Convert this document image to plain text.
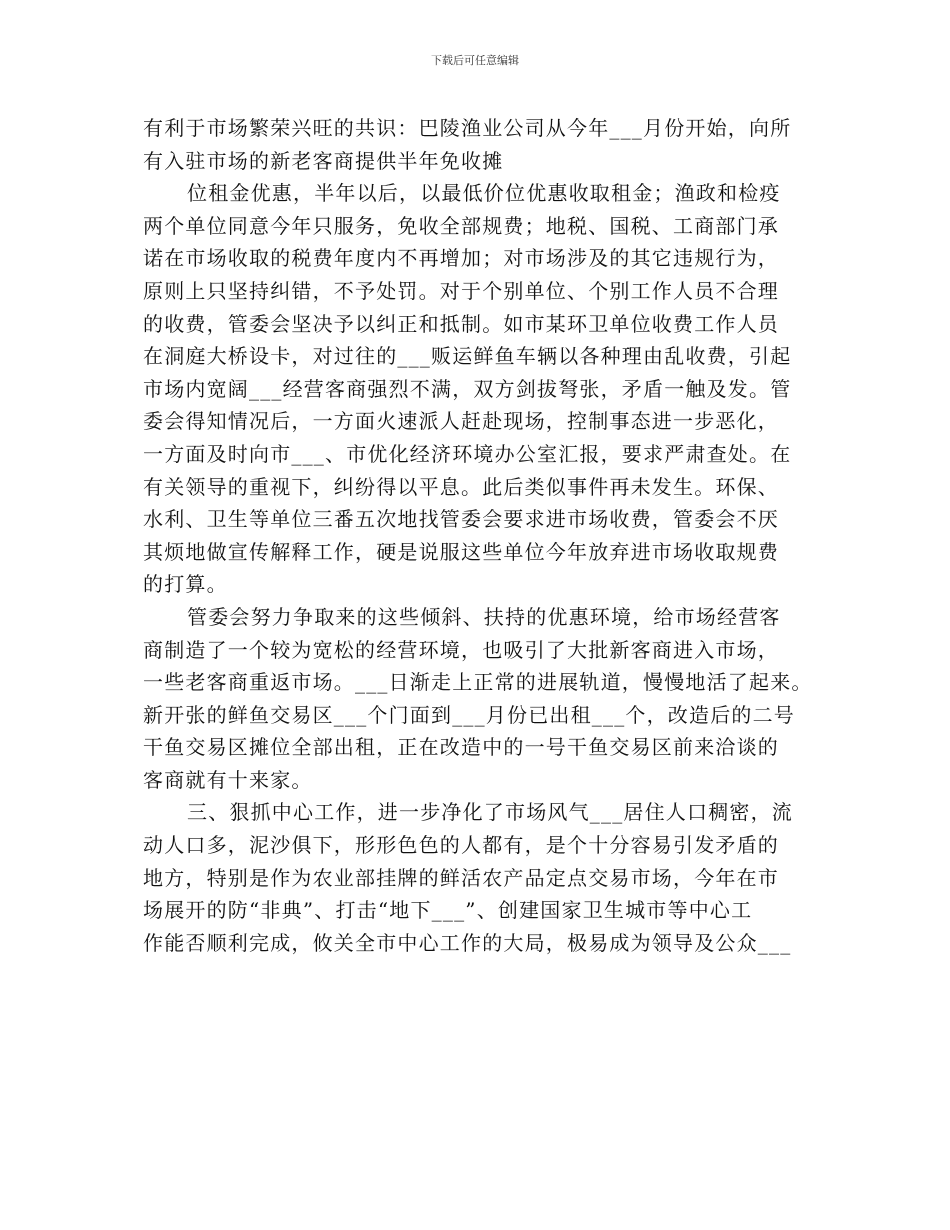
下载后可任意编辑
有利于市场繁荣兴旺的共识：巴陵渔业公司从今年___月份开始，向所
有入驻市场的新老客商提供半年免收摊
位租金优惠，半年以后，以最低价位优惠收取租金；渔政和检疫
两个单位同意今年只服务，免收全部规费；地税、国税、工商部门承
诺在市场收取的税费年度内不再增加；对市场涉及的其它违规行为，
原则上只坚持纠错，不予处罚。对于个别单位、个别工作人员不合理
的收费，管委会坚决予以纠正和抵制。如市某环卫单位收费工作人员
在洞庭大桥设卡，对过往的___贩运鲜鱼车辆以各种理由乱收费，引起
市场内宽阔___经营客商强烈不满，双方剑拔弩张，矛盾一触及发。管
委会得知情况后，一方面火速派人赶赴现场，控制事态进一步恶化，
一方面及时向市___、市优化经济环境办公室汇报，要求严肃查处。在
有关领导的重视下，纠纷得以平息。此后类似事件再未发生。环保、
水利、卫生等单位三番五次地找管委会要求进市场收费，管委会不厌
其烦地做宣传解释工作，硬是说服这些单位今年放弃进市场收取规费
的打算。
管委会努力争取来的这些倾斜、扶持的优惠环境，给市场经营客
商制造了一个较为宽松的经营环境，也吸引了大批新客商进入市场，
一些老客商重返市场。___日渐走上正常的进展轨道，慢慢地活了起来。
新开张的鲜鱼交易区___个门面到___月份已出租___个，改造后的二号
干鱼交易区摊位全部出租，正在改造中的一号干鱼交易区前来洽谈的
客商就有十来家。
三、狠抓中心工作，进一步净化了市场风气___居住人口稠密，流
动人口多，泥沙俱下，形形色色的人都有，是个十分容易引发矛盾的
地方，特别是作为农业部挂牌的鲜活农产品定点交易市场，今年在市
场展开的防“非典”、打击“地下___”、创建国家卫生城市等中心工
作能否顺利完成，攸关全市中心工作的大局，极易成为领导及公众___
